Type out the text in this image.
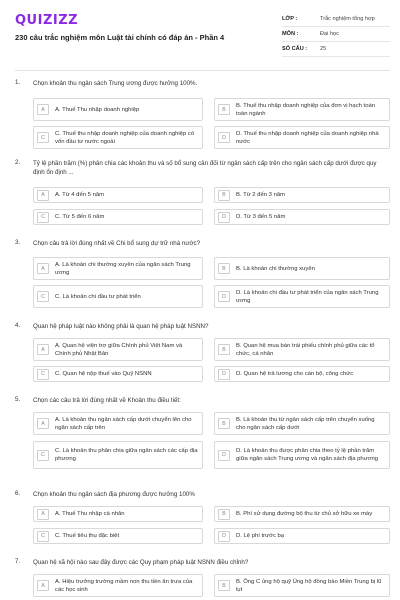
QUIZIZZ
230 câu trắc nghiệm môn Luật tài chính có đáp án - Phần 4
LỚP :	Trắc nghiệm tổng hợp
MÔN :	Đại học
SỐ CÂU :	25
1. Chọn khoản thu ngân sách Trung ương được hưởng 100%.
A	A. Thuế Thu nhập doanh nghiệp	B
B. Thuế thu nhập doanh nghiệp của đơn vị hạch toán toàn ngành
C
C. Thuế thu nhập doanh nghiệp của doanh nghiệp có vốn đầu tư nước ngoài
D
D. Thuế thu nhập doanh nghiệp của doanh nghiệp nhà nước
2. Tỷ lệ phần trăm (%) phân chia các khoản thu và số bổ sung cân đối từ ngân sách cấp trên cho ngân sách cấp dưới được quy định ổn định ...
A	A. Từ 4 đến 5 năm	B	B. Từ 2 đến 3 năm
C	C. Từ 5 đến 6 năm	D	D. Từ 3 đến 5 năm
3. Chọn câu trả lời đúng nhất về Chi bổ sung dự trữ nhà nước?
A
A. Là khoản chi thường xuyên của ngân sách Trung ương
B	B. Là khoản chi thường xuyên
C	C. Là khoản chi đầu tư phát triển	D
D. Là khoản chi đầu tư phát triển của ngân sách Trung ương
4. Quan hệ pháp luật nào không phải là quan hệ pháp luật NSNN?
A
A. Quan hệ viện trợ giữa Chính phủ Việt Nam và Chính phủ Nhật Bản
B
B. Quan hệ mua bán trái phiếu chính phủ giữa các tổ chức, cá nhân
C	C. Quan hệ nộp thuế vào Quỹ NSNN	D	D. Quan hệ trả lương cho cán bộ, công chức
5. Chọn các câu trả lời đúng nhất về Khoản thu điều tiết:
A
A. Là khoản thu ngân sách cấp dưới chuyển lên cho ngân sách cấp trên
B
B. Là khoản thu từ ngân sách cấp trên chuyển xuống cho ngân sách cấp dưới
C
C. Là khoản thu phân chia giữa ngân sách các cấp địa phương
D
D. Là khoản thu được phân chia theo tỷ lệ phần trăm giữa ngân sách Trung ương và ngân sách địa phương
6. Chọn khoản thu ngân sách địa phương được hưởng 100%
A	A. Thuế Thu nhập cá nhân	B	B. Phí sử dụng đường bộ thu từ chủ sở hữu xe máy
C	C. Thuế tiêu thụ đặc biệt	D	D. Lệ phí trước bạ
7. Quan hệ xã hội nào sau đây được các Quy phạm pháp luật NSNN điều chỉnh?
A
A. Hiệu trưởng trường mầm non thu tiền ăn trưa của các học sinh
B
B. Ông C ủng hộ quỹ Ủng hộ đồng bào Miền Trung bị lũ lụt
